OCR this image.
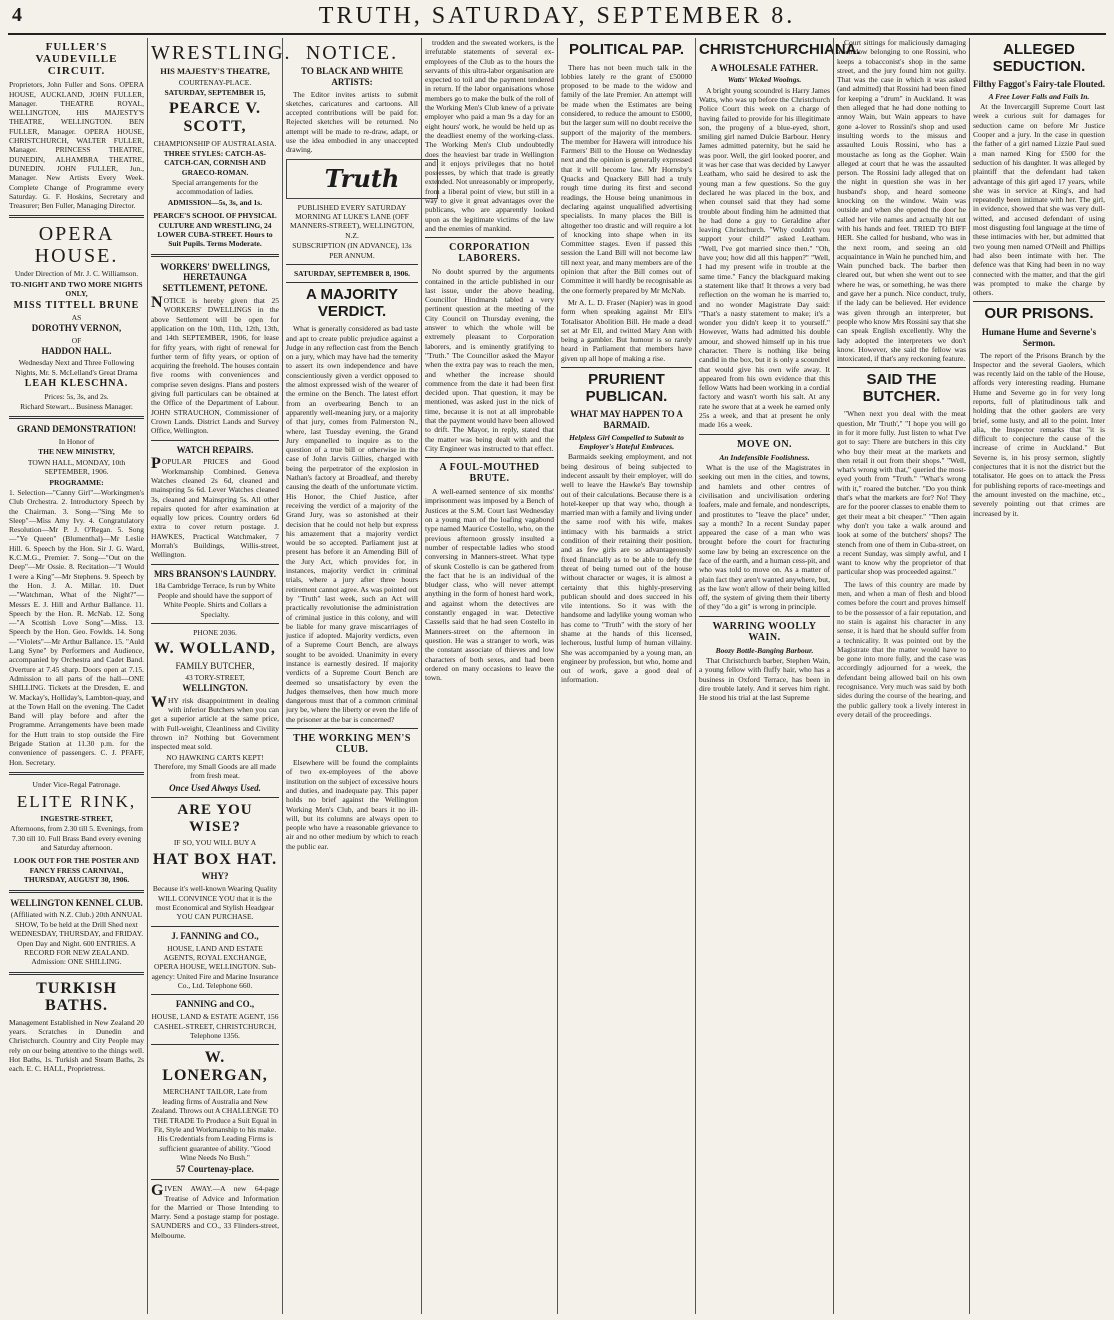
4	TRUTH, SATURDAY, SEPTEMBER 8.
FULLER'S VAUDEVILLE CIRCUIT.

Proprietors, John Fuller and Sons. OPERA HOUSE, AUCKLAND, JOHN FULLER, Manager. THEATRE ROYAL, WELLINGTON, HIS MAJESTY'S THEATRE, WELLINGTON. BEN FULLER, Manager. OPERA HOUSE, CHRISTCHURCH, WALTER FULLER, Manager. PRINCESS THEATRE, DUNEDIN, ALHAMBRA THEATRE, DUNEDIN. JOHN FULLER, Jun., Manager. New Artists Every Week. Complete Change of Programme every Saturday. G. F. Hoskins, Secretary and Treasurer; Ben Fuller, Managing Director.

OPERA HOUSE.
Under Direction of Mr. J. C. Williamson.
TO-NIGHT AND TWO MORE NIGHTS ONLY,
MISS TITTELL BRUNE
AS
DOROTHY VERNON,
OF
HADDON HALL.
Wednesday Next and Three Following Nights, Mr. S. McLelland's Great Drama
LEAH KLESCHNA.
Prices: 5s, 3s, and 2s.
Richard Stewart... Business Manager.
GRAND DEMONSTRATION!
In Honor of
THE NEW MINISTRY,
TOWN HALL, MONDAY, 10th SEPTEMBER, 1906.
PROGRAMME:

1. Selection—"Canny Girl"—Workingmen's Club Orchestra. 2. Introductory Speech by the Chairman. 3. Song—"Sing Me to Sleep"—Miss Amy Ivy. 4. Congratulatory Resolution—Mr P. J. O'Regan. 5. Song—"Ye Queen" (Blumenthal)—Mr Leslie Hill. 6. Speech by the Hon. Sir J. G. Ward, K.C.M.G., Premier. 7. Song—"Out on the Deep"—Mr Ossie. 8. Recitation—"I Would I were a King"—Mr Stephens. 9. Speech by the Hon. J. A. Millar. 10. Duet—"Watchman, What of the Night?"—Messrs E. J. Hill and Arthur Ballance. 11. Speech by the Hon. R. McNab. 12. Song—"A Scottish Love Song"—Miss. 13. Speech by the Hon. Geo. Fowlds. 14. Song—"Violets"—Mr Arthur Ballance. 15. "Auld Lang Syne" by Performers and Audience, accompanied by Orchestra and Cadet Band. Overture at 7.45 sharp. Doors open at 7.15. Admission to all parts of the hall—ONE SHILLING. Tickets at the Dresden, E. and W. Mackay's, Holliday's, Lambton-quay, and at the Town Hall on the evening. The Cadet Band will play before and after the Programme. Arrangements have been made for the Hutt train to stop outside the Fire Brigade Station at 11.30 p.m. for the convenience of passengers. C. J. PFAFF, Hon. Secretary.

Under Vice-Regal Patronage.
ELITE RINK,
INGESTRE-STREET,
Afternoons, from 2.30 till 5. Evenings, from 7.30 till 10. Full Brass Band every evening and Saturday afternoon.
LOOK OUT FOR THE POSTER AND FANCY FRESS CARNIVAL, THURSDAY, AUGUST 30, 1906.
WELLINGTON KENNEL CLUB.
(Affiliated with N.Z. Club.) 20th ANNUAL SHOW, To be held at the Drill Shed next WEDNESDAY, THURSDAY, and FRIDAY. Open Day and Night. 600 ENTRIES. A RECORD FOR NEW ZEALAND. Admission: ONE SHILLING.
TURKISH BATHS.

Management Established in New Zealand 20 years. Scratches in Dunedin and Christchurch. Country and City People may rely on our being attentive to the things well. Hot Baths, 1s. Turkish and Steam Baths, 2s each. E. C. HALL, Proprietress.

WRESTLING.
HIS MAJESTY'S THEATRE,
COURTENAY-PLACE.
SATURDAY, SEPTEMBER 15,
PEARCE V. SCOTT,
CHAMPIONSHIP OF AUSTRALASIA.
THREE STYLES: CATCH-AS-CATCH-CAN, CORNISH AND GRAECO-ROMAN.
Special arrangements for the accommodation of ladies.
ADMISSION—5s, 3s, and 1s.
PEARCE'S SCHOOL OF PHYSICAL CULTURE AND WRESTLING, 24 LOWER CUBA-STREET. Hours to Suit Pupils. Terms Moderate.
WORKERS' DWELLINGS, HERETAUNGA SETTLEMENT, PETONE.

NOTICE is hereby given that 25 WORKERS' DWELLINGS in the above Settlement will be open for application on the 10th, 11th, 12th, 13th, and 14th SEPTEMBER, 1906, for lease for fifty years, with right of renewal for further term of fifty years, or option of acquiring the freehold. The houses contain five rooms with conveniences and comprise seven designs. Plans and posters giving full particulars can be obtained at the Office of the Department of Labour. JOHN STRAUCHON, Commissioner of Crown Lands. District Lands and Survey Office, Wellington.

WATCH REPAIRS.

POPULAR PRICES and Good Workmanship Combined. Geneva Watches cleaned 2s 6d, cleaned and mainspring 5s 6d. Lever Watches cleaned 3s, cleaned and Mainspring 5s. All other repairs quoted for after examination at equally low prices. Country orders 6d extra to cover return postage. J. HAWKES, Practical Watchmaker, 7 Morrah's Buildings, Willis-street, Wellington.

MRS BRANSON'S LAUNDRY.
18a Cambridge Terrace, Is run by White People and should have the support of White People. Shirts and Collars a Specialty.
PHONE 2036.
W. WOLLAND,
FAMILY BUTCHER,
43 TORY-STREET,
WELLINGTON.

WHY risk disappointment in dealing with inferior Butchers when you can get a superior article at the same price, with Full-weight, Cleanliness and Civility thrown in? Nothing but Government inspected meat sold.

NO HAWKING CARTS KEPT! Therefore, my Small Goods are all made from fresh meat.
Once Used Always Used.
ARE YOU WISE?
IF SO, YOU WILL BUY A
HAT BOX HAT.
WHY?
Because it's well-known Wearing Quality WILL CONVINCE YOU that it is the most Economical and Stylish Headgear YOU CAN PURCHASE.
J. FANNING and CO.,
HOUSE, LAND AND ESTATE AGENTS, ROYAL EXCHANGE, OPERA HOUSE, WELLINGTON. Sub-agency: United Fire and Marine Insurance Co., Ltd. Telephone 660.
FANNING and CO.,
HOUSE, LAND & ESTATE AGENT, 156 CASHEL-STREET, CHRISTCHURCH, Telephone 1356.
W. LONERGAN,
MERCHANT TAILOR, Late from leading firms of Australia and New Zealand. Throws out A CHALLENGE TO THE TRADE To Produce a Suit Equal in Fit, Style and Workmanship to his make. His Credentials from Leading Firms is sufficient guarantee of ability. "Good Wine Needs No Bush."
57 Courtenay-place.

GIVEN AWAY.—A new 64-page Treatise of Advice and Information for the Married or Those Intending to Marry. Send a postage stamp for postage. SAUNDERS and CO., 33 Flinders-street, Melbourne.

NOTICE.
TO BLACK AND WHITE ARTISTS:

The Editor invites artists to submit sketches, caricatures and cartoons. All accepted contributions will be paid for. Rejected sketches will be returned. No attempt will be made to re-draw, adapt, or use the idea embodied in any unaccepted drawing.

Truth
PUBLISHED EVERY SATURDAY MORNING AT LUKE'S LANE (OFF MANNERS-STREET), WELLINGTON, N.Z.
SUBSCRIPTION (IN ADVANCE), 13s PER ANNUM.
SATURDAY, SEPTEMBER 8, 1906.
A MAJORITY VERDICT.

What is generally considered as bad taste and apt to create public prejudice against a Judge in any reflection cast from the Bench on a jury, which may have had the temerity to assert its own independence and have conscientiously given a verdict opposed to the almost expressed wish of the wearer of the ermine on the Bench. The latest effort from an overbearing Bench to an apparently well-meaning jury, or a majority of that jury, comes from Palmerston N., where, last Tuesday evening, the Grand Jury empanelled to inquire as to the question of a true bill or otherwise in the case of John Jarvis Gillies, charged with being the perpetrator of the explosion in Nathan's factory at Broadleaf, and thereby causing the death of the unfortunate victim. His Honor, the Chief Justice, after receiving the verdict of a majority of the Grand Jury, was so astonished at their decision that he could not help but express his amazement that a majority verdict would be so accepted. Parliament just at present has before it an Amending Bill of the Jury Act, which provides for, in instances, majority verdict in criminal trials, where a jury after three hours retirement cannot agree. As was pointed out by "Truth" last week, such an Act will practically revolutionise the administration of criminal justice in this colony, and will be liable for many grave miscarriages of justice if adopted. Majority verdicts, even of a Supreme Court Bench, are always sought to be avoided. Unanimity in every instance is earnestly desired. If majority verdicts of a Supreme Court Bench are deemed so unsatisfactory by even the Judges themselves, then how much more dangerous must that of a common criminal jury be, where the liberty or even the life of the prisoner at the bar is concerned?

THE WORKING MEN'S CLUB.

Elsewhere will be found the complaints of two ex-employees of the above institution on the subject of excessive hours and duties, and inadequate pay. This paper holds no brief against the Wellington Working Men's Club, and bears it no ill-will, but its columns are always open to people who have a reasonable grievance to air and no other medium by which to reach the public ear.

trodden and the sweated workers, is the irrefutable statements of several ex-employees of the Club as to the hours the servants of this ultra-labor organisation are expected to toil and the payment tendered in return. If the labor organisations whose members go to make the bulk of the roll of the Working Men's Club knew of a private employer who paid a man 9s a day for an eight hours' work, he would be held up as the deadliest enemy of the working-class. The Working Men's Club undoubtedly does the heaviest bar trade in Wellington and it enjoys privileges that no hotel possesses, by which that trade is greatly extended. Not unreasonably or improperly, from a liberal point of view, but still in a way to give it great advantages over the publicans, who are apparently looked upon as the legitimate victims of the law and the enemies of mankind.

CORPORATION LABORERS.

No doubt spurred by the arguments contained in the article published in our last issue, under the above heading, Councillor Hindmarsh tabled a very pertinent question at the meeting of the City Council on Thursday evening, the answer to which the whole will be extremely pleasant to Corporation laborers, and is eminently gratifying to "Truth." The Councillor asked the Mayor when the extra pay was to reach the men, and whether the increase should commence from the date it had been first decided upon. That question, it may be mentioned, was asked just in the nick of time, because it is not at all improbable that the payment would have been allowed to drift. The Mayor, in reply, stated that the matter was being dealt with and the City Engineer was instructed to that effect.

A FOUL-MOUTHED BRUTE.

A well-earned sentence of six months' imprisonment was imposed by a Bench of Justices at the S.M. Court last Wednesday on a young man of the loafing vagabond type named Maurice Costello, who, on the previous afternoon grossly insulted a number of respectable ladies who stood conversing in Manners-street. What type of skunk Costello is can be gathered from the fact that he is an individual of the bludger class, who will never attempt anything in the form of honest hard work, and against whom the detectives are constantly engaged in war. Detective Cassells said that he had seen Costello in Manners-street on the afternoon in question. He was a stranger to work, was the constant associate of thieves and low characters of both sexes, and had been ordered on many occasions to leave the town.

POLITICAL PAP.

There has not been much talk in the lobbies lately re the grant of £50000 proposed to be made to the widow and family of the late Premier. An attempt will be made when the Estimates are being considered, to reduce the amount to £5000, but the larger sum will no doubt receive the support of the majority of the members. The member for Hawera will introduce his Farmers' Bill to the House on Wednesday next and the opinion is generally expressed that it will become law. Mr Hornsby's Quacks and Quackery Bill had a truly rough time during its first and second readings, the House being unanimous in declaring against unqualified advertising specialists. In many places the Bill is altogether too drastic and will require a lot of knocking into shape when in its Committee stages. Even if passed this session the Land Bill will not become law till next year, and many members are of the opinion that after the Bill comes out of Committee it will hardly be recognisable as the one formerly prepared by Mr McNab.

Mr A. L. D. Fraser (Napier) was in good form when speaking against Mr Ell's Totalisator Abolition Bill. He made a dead set at Mr Ell, and twitted Mary Ann with being a gambler. But humour is so rarely heard in Parliament that members have given up all hope of making a rise.

PRURIENT PUBLICAN.
WHAT MAY HAPPEN TO A BARMAID.
Helpless Girl Compelled to Submit to Employer's Hateful Embraces.

Barmaids seeking employment, and not being desirous of being subjected to indecent assault by their employer, will do well to leave the Hawke's Bay township out of their calculations. Because there is a hotel-keeper up that way who, though a married man with a family and living under the same roof with his wife, makes intimacy with his barmaids a strict condition of their retaining their position, and as few girls are so advantageously fixed financially as to be able to defy the threat of being turned out of the house without character or wages, it is almost a certainty that this highly-preserving publican should and does succeed in his vile intentions. So it was with the handsome and ladylike young woman who has come to "Truth" with the story of her shame at the hands of this licensed, lecherous, lustful lump of human villainy. She was accompanied by a young man, an engineer by profession, but who, home and out of work, gave a good deal of information.

CHRISTCHURCHIANA.
A WHOLESALE FATHER.
Watts' Wicked Woolngs.

A bright young scoundrel is Harry James Watts, who was up before the Christchurch Police Court this week on a charge of having failed to provide for his illegitimate son, the progeny of a blue-eyed, short, smiling girl named Dulcie Barbour. Henry James admitted paternity, but he said he was poor. Well, the girl looked poorer, and it was her case that was decided by Lawyer Leatham, who said he desired to ask the young man a few questions. So the guy declared he was placed in the box, and when counsel said that they had some trouble about finding him he admitted that he had done a guy to Geraldine after leaving Christchurch. "Why couldn't you support your child?" asked Leatham. "Well, I've got married since then." "Oh, have you; how did all this happen?" "Well, I had my present wife in trouble at the same time." Fancy the blackguard making a statement like that! It throws a very bad reflection on the woman he is married to, and no wonder Magistrate Day said: "That's a nasty statement to make; it's a wonder you didn't keep it to yourself." However, Watts had admitted his double amour, and showed himself up in his true character. There is nothing like being candid in the box, but it is only a scoundrel that would give his own wife away. It appeared from his own evidence that this fellow Watts had been working in a cordial factory and wasn't worth his salt. At any rate he swore that at a week he earned only 25s a week, and that at present he only made 16s a week.

MOVE ON.
An Indefensible Foolishness.

What is the use of the Magistrates in seeking out men in the cities, and towns, and hamlets and other centres of civilisation and uncivilisation ordering loafers, male and female, and nondescripts, and prostitutes to "leave the place" under, say a month? In a recent Sunday paper appeared the case of a man who was brought before the court for fracturing some law by being an excrescence on the face of the earth, and a human cess-pit, and who was told to move on. As a matter of plain fact they aren't wanted anywhere, but, as the law won't allow of their being killed off, the system of giving them their liberty of they "do a git" is wrong in principle.

WARRING WOOLLY WAIN.
Boozy Bottle-Banging Barbour.

That Christchurch barber, Stephen Wain, a young fellow with fluffy hair, who has a business in Oxford Terrace, has been in dire trouble lately. And it serves him right. He stood his trial at the last Supreme

Court sittings for maliciously damaging a window belonging to one Rossini, who keeps a tobacconist's shop in the same street, and the jury found him not guilty. That was the case in which it was asked (and admitted) that Rossini had been fined for keeping a "drum" in Auckland. It was then alleged that he had done nothing to annoy Wain, but Wain appears to have gone a-lover to Rossini's shop and used insulting words to the missus and assaulted Louis Rossini, who has a moustache as long as the Gopher. Wain alleged at court that he was the assaulted person. The Rossini lady alleged that on the night in question she was in her husband's shop, and heard someone knocking on the window. Wain was outside and when she opened the door he called her vile names and actually hit out with his hands and feet. TRIED TO BIFF HER. She called for husband, who was in the next room, and seeing an old acquaintance in Wain he punched him, and Wain punched back. The barber then cleared out, but when she went out to see where he was, or something, he was there and gave her a punch. Nice conduct, truly, if the lady can be believed. Her evidence was given through an interpreter, but people who know Mrs Rossini say that she can speak English excellently. Why the lady adopted the interpreters we don't know. However, she said the fellow was intoxicated, if that's any reckoning feature.

SAID THE BUTCHER.

"When next you deal with the meat question, Mr 'Truth'," "I hope you will go in for it more fully. Just listen to what I've got to say: There are butchers in this city who buy their meat at the markets and then retail it out from their shops." "Well, what's wrong with that," queried the most-eyed youth from "Truth." "What's wrong with it," roared the butcher. "Do you think that's what the markets are for? No! They are for the poorer classes to enable them to get their meat a bit cheaper." "Then again why don't you take a walk around and look at some of the butchers' shops? The stench from one of them in Cuba-street, on a recent Sunday, was simply awful, and I want to know why the proprietor of that particular shop was proceeded against."

The laws of this country are made by men, and when a man of flesh and blood comes before the court and proves himself to be the possessor of a fair reputation, and no stain is against his character in any sense, it is hard that he should suffer from a technicality. It was pointed out by the Magistrate that the matter would have to be gone into more fully, and the case was accordingly adjourned for a week, the defendant being allowed bail on his own recognisance. Very much was said by both sides during the course of the hearing, and the public gallery took a lively interest in every detail of the proceedings.

ALLEGED SEDUCTION.
Filthy Faggot's Fairy-tale Flouted.
A Free Lover Falls and Fails In.

At the Invercargill Supreme Court last week a curious suit for damages for seduction came on before Mr Justice Cooper and a jury. In the case in question the father of a girl named Lizzie Paul sued a man named King for £500 for the seduction of his daughter. It was alleged by plaintiff that the defendant had taken advantage of this girl aged 17 years, while she was in service at King's, and had repeatedly been intimate with her. The girl, in evidence, showed that she was very dull-witted, and accused defendant of using most disgusting foul language at the time of these intimacies with her, but admitted that two young men named O'Neill and Phillips had also been intimate with her. The defence was that King had been in no way connected with the matter, and that the girl was prompted to make the charge by others.

OUR PRISONS.
Humane Hume and Severne's Sermon.

The report of the Prisons Branch by the Inspector and the several Gaolers, which was recently laid on the table of the House, affords very interesting reading. Humane Hume and Severne go in for very long reports, full of platitudinous talk and holding that the other gaolers are very brief, some lusty, and all to the point. Inter alia, the Inspector remarks that "it is difficult to conjecture the cause of the increase of crime in Auckland." But Severne is, in his prosy sermon, slightly conjectures that it is not the district but the totalisator. He goes on to attack the Press for publishing reports of race-meetings and the amount invested on the machine, etc., severely pointing out that crimes are increased by it.
